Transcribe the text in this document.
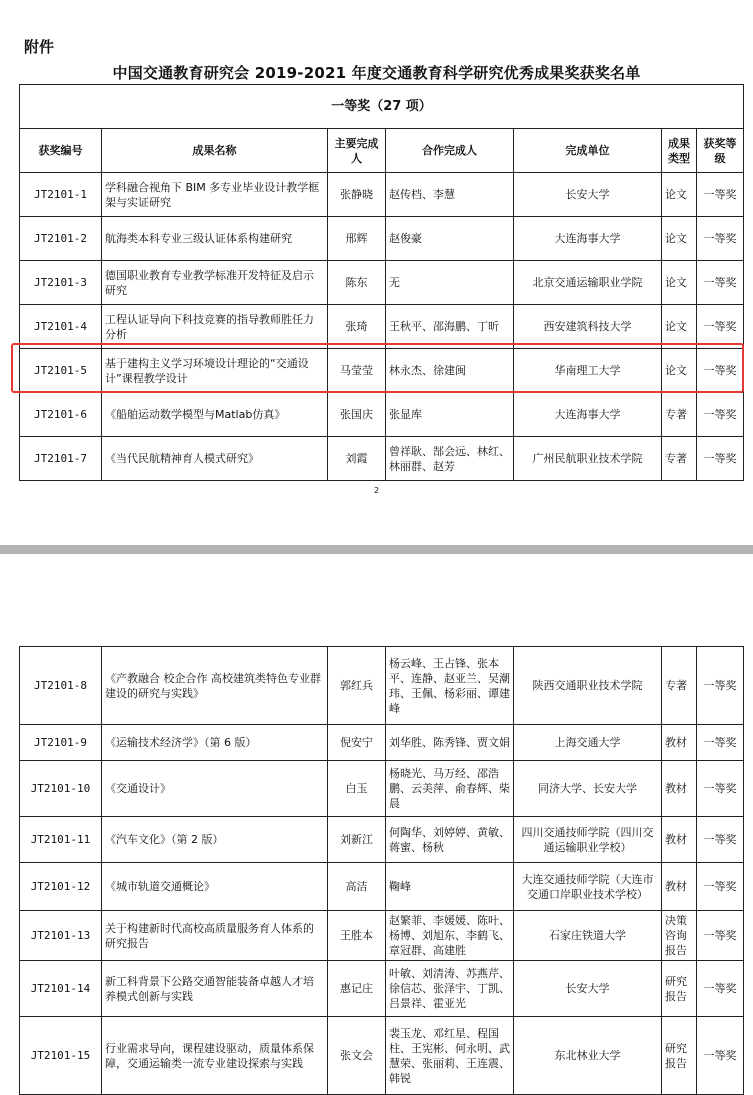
附件
中国交通教育研究会 2019-2021 年度交通教育科学研究优秀成果奖获奖名单
一等奖（27 项）						
获奖编号	成果名称	主要完成人	合作完成人	完成单位	成果类型	获奖等级
JT2101-1	学科融合视角下 BIM 多专业毕业设计教学框架与实证研究	张静晓	赵传档、李慧	长安大学	论文	一等奖
JT2101-2	航海类本科专业三级认证体系构建研究	邢辉	赵俊豪	大连海事大学	论文	一等奖
JT2101-3	德国职业教育专业教学标准开发特征及启示研究	陈东	无	北京交通运输职业学院	论文	一等奖
JT2101-4	工程认证导向下科技竞赛的指导教师胜任力分析	张琦	王秋平、邵海鹏、丁昕	西安建筑科技大学	论文	一等奖
JT2101-5	基于建构主义学习环境设计理论的“交通设计”课程教学设计	马莹莹	林永杰、徐建闽	华南理工大学	论文	一等奖
JT2101-6	《船舶运动数学模型与Matlab仿真》	张国庆	张显库	大连海事大学	专著	一等奖
JT2101-7	《当代民航精神育人模式研究》	刘霞	曾祥耿、郜会远、林红、林丽群、赵芳	广州民航职业技术学院	专著	一等奖
2
JT2101-8	《产教融合 校企合作 高校建筑类特色专业群建设的研究与实践》	郭红兵	杨云峰、王占锋、张本平、连静、赵亚兰、吴潮玮、王佩、杨彩丽、谭建峰	陕西交通职业技术学院	专著	一等奖
JT2101-9	《运输技术经济学》（第 6 版）	倪安宁	刘华胜、陈秀锋、贾文娟	上海交通大学	教材	一等奖
JT2101-10	《交通设计》	白玉	杨晓光、马万经、邵浩鹏、云美萍、俞春辉、柴晨	同济大学、长安大学	教材	一等奖
JT2101-11	《汽车文化》（第 2 版）	刘新江	何陶华、刘婷婷、黄敏、蒋蜜、杨秋	四川交通技师学院（四川交通运输职业学校）	教材	一等奖
JT2101-12	《城市轨道交通概论》	高洁	鞠峰	大连交通技师学院（大连市交通口岸职业技术学校）	教材	一等奖
JT2101-13	关于构建新时代高校高质量服务育人体系的研究报告	王胜本	赵繁菲、李媛媛、陈叶、杨博、刘旭东、李鹤飞、章冠群、高建胜	石家庄铁道大学	决策咨询报告	一等奖
JT2101-14	新工科背景下公路交通智能装备卓越人才培养模式创新与实践	惠记庄	叶敏、刘清涛、苏燕芹、徐信芯、张泽宇、丁凯、吕景祥、霍亚光	长安大学	研究报告	一等奖
JT2101-15	行业需求导向，课程建设驱动，质量体系保障，交通运输类一流专业建设探索与实践	张文会	裴玉龙、邓红星、程国柱、王宪彬、何永明、武慧荣、张丽莉、王连震、韩锐	东北林业大学	研究报告	一等奖
